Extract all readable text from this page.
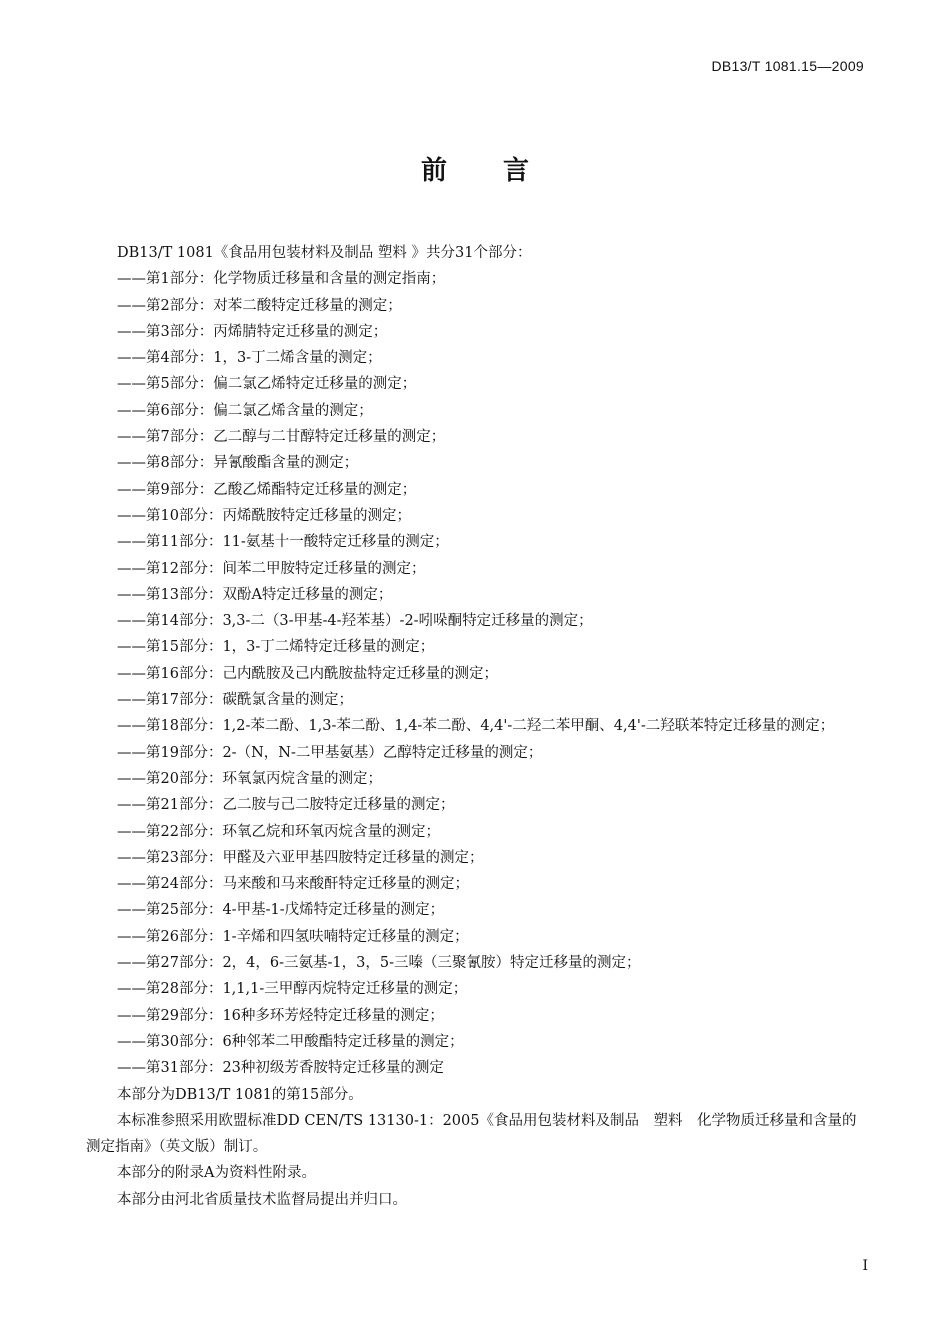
DB13/T 1081.15—2009
前言

DB13/T 1081《食品用包装材料及制品 塑料 》共分31个部分：

——第1部分：化学物质迁移量和含量的测定指南；

——第2部分：对苯二酸特定迁移量的测定；

——第3部分：丙烯腈特定迁移量的测定；

——第4部分：1，3-丁二烯含量的测定；

——第5部分：偏二氯乙烯特定迁移量的测定；

——第6部分：偏二氯乙烯含量的测定；

——第7部分：乙二醇与二甘醇特定迁移量的测定；

——第8部分：异氰酸酯含量的测定；

——第9部分：乙酸乙烯酯特定迁移量的测定；

——第10部分：丙烯酰胺特定迁移量的测定；

——第11部分：11-氨基十一酸特定迁移量的测定；

——第12部分：间苯二甲胺特定迁移量的测定；

——第13部分：双酚A特定迁移量的测定；

——第14部分：3,3-二（3-甲基-4-羟苯基）-2-吲哚酮特定迁移量的测定；

——第15部分：1，3-丁二烯特定迁移量的测定；

——第16部分：己内酰胺及己内酰胺盐特定迁移量的测定；

——第17部分：碳酰氯含量的测定；

——第18部分：1,2-苯二酚、1,3-苯二酚、1,4-苯二酚、4,4'-二羟二苯甲酮、4,4'-二羟联苯特定迁移量的测定；

——第19部分：2-（N，N-二甲基氨基）乙醇特定迁移量的测定；

——第20部分：环氧氯丙烷含量的测定；

——第21部分：乙二胺与己二胺特定迁移量的测定；

——第22部分：环氧乙烷和环氧丙烷含量的测定；

——第23部分：甲醛及六亚甲基四胺特定迁移量的测定；

——第24部分：马来酸和马来酸酐特定迁移量的测定；

——第25部分：4-甲基-1-戊烯特定迁移量的测定；

——第26部分：1-辛烯和四氢呋喃特定迁移量的测定；

——第27部分：2，4，6-三氨基-1，3，5-三嗪（三聚氰胺）特定迁移量的测定；

——第28部分：1,1,1-三甲醇丙烷特定迁移量的测定；

——第29部分：16种多环芳烃特定迁移量的测定；

——第30部分：6种邻苯二甲酸酯特定迁移量的测定；

——第31部分：23种初级芳香胺特定迁移量的测定

本部分为DB13/T 1081的第15部分。

本标准参照采用欧盟标准DD CEN/TS 13130-1：2005《食品用包装材料及制品　塑料　化学物质迁移量和含量的测定指南》（英文版）制订。

本部分的附录A为资料性附录。

本部分由河北省质量技术监督局提出并归口。

I
